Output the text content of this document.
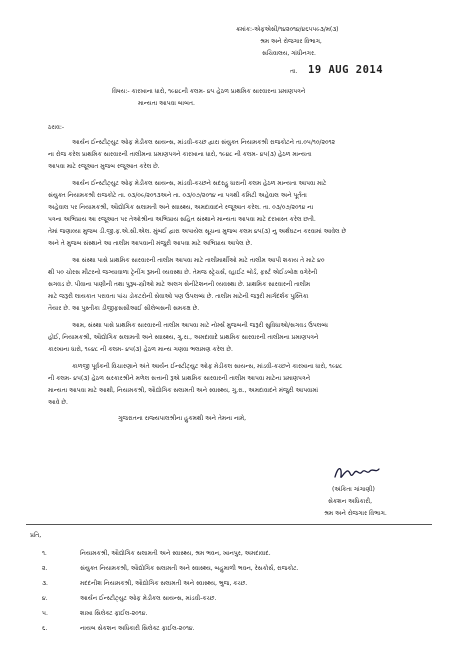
ક્રમાંક:-એફએસી/૧૪૨૦૧૪/૪૬૫૫૯૩/મ(૩)
શ્રમ અને રોજગાર વિભાગ,
સચિવાલય, ગાંધીનગર.
તા. 19 AUG 2014
વિષય:- કારખાના ધારો, ૧૯૪૮ની કલમ- ૪૫ હેઠળ પ્રાથમિક સારવારના પ્રમાણપત્રને
માન્યતા આપવા બાબત.
ઠરાવ:-
આર્યન ઈન્સ્ટીટ્યુટ ઓફ મેડીકલ સાયન્સ, માંડવી-કચ્છ દ્વારા સંયુક્ત નિયામકશ્રી રાજકોટને તા.૦૫/૧૦/૨૦૧૨
ના રોજ કરેલ પ્રાથમિક સારવારની તાલીમના પ્રમાણપત્રને કારખાના ધારો, ૧૯૪૮ ની કલમ- ૪૫(૩) હેઠળ માન્યતા
આપવા માટે રજૂઆત મુજબ રજૂઆત કરેલ છે.
આર્યન ઈન્સ્ટીટ્યુટ ઓફ મેડીકલ સાયન્સ, માંડવી-કચ્છને સદરહુ ધારાની કલમ હેઠળ માન્યતા આપવા માટે
સંયુક્ત નિયામકશ્રી રાજકોટે તા. ૦૩/૦૯/૨૦૧૩અને તા. ૦૩/૦૭/૨૦૧૪ ના પત્રથી કમિટી અહેવાલ અને પૂર્તતા
અહેવાલ પર નિયામકશ્રી, ઔદ્યોગિક સલામતી અને સ્વાસ્થ્ય, અમદાવાદને રજૂઆત કરેલ. તા. ૦૩/૦૭/૨૦૧૪ ના
પત્રના અભિપ્રાય આ રજૂઆત પર તેઓશ્રીના અભિપ્રાય સહિત સંસ્થાને માન્યતા આપવા માટે દરખાસ્ત કરેલ છતી.
તેમાં જણાવ્યા મુજબ ડી.જી.ફ.એ.સી.એલ. મુંબઈ દ્વારા અપાયેલ સૂચના મુજબ કલમ ૪૫(૩) નુ અર્થઘટન કરવામાં આવેલ છે
અને તે મુજબ સંસ્થાને આ તાલીમ આપવાની મંજુરી આપવા માટે અભિપ્રાય આપેલ છે.
આ સંસ્થા પાસે પ્રાથમિક સારવારની તાલીમ આપવા માટે તાલીમાર્થીઓ માટે તાલીમ આપી શકાય તે માટે ૪૦
થી ૫૦ ચોરસ મીટરનો જગ્યાવાળા ટ્રેનીંગ રૂમની વ્યવસ્થા છે. તેમજ સ્ટ્રેચર્સ, વ્હાઈટ બોર્ડ, ફર્સ્ટ એઈડબોક્ષ વગેરેની
સગવડ છે. પીવાના પાણીની તથા પુરૂષ-સ્ત્રીઓ માટે અલગ સેનીટેશનની વ્યવસ્થા છે. પ્રાથમિક સારવારની તાલીમ
માટે જરૂરી લાયકાત પરાવતા પાંચ ડોકટરોની સેવાઓ પણ ઉપલબ્ધ છે. તાલીમ માટેની જરૂરી માર્ગદર્શક પુસ્તિકા
તૈયાર છે. આ પુસ્તીકા ડીજીફસસીઆઈ સીલેબસની સમકક્ષ છે.
આમ, સંસ્થા પાસે પ્રાથમિક સારવારની તાલીમ આપવા માટે નોર્મ્સ મુજબની જરૂરી સુવિધાઓ/સગવડ ઉપલબ્ધ
હોઈ, નિયામકશ્રી, ઔદ્યોગિક સલામતી અને સ્વાસ્થ્ય, ગુ.રા., અમદાવાદે પ્રાથમિક સારવારની તાલીમના પ્રમાણપત્રને
કારખાના ધારો, ૧૯૪૮ ની કલમ- ૪૫(૩) હેઠળ માન્ય ગણવા ભલામણ કરેલ છે.
કાળજી પૂર્વકની વિચારણાને અંતે આર્યન ઈન્સ્ટીટ્યુટ ઓફ મેડીકલ સાયન્સ, માંડવી-કચ્છને કારખાના ધારો, ૧૯૪૮
ની કલમ- ૪૫(૩) હેઠળ સરકારશ્રીને મળેલ સત્તાની રૂએ પ્રાથમિક સારવારની તાલીમ આપવા માટેના પ્રમાણપત્રને
માન્યતા આપવા માટે આથી, નિયામકશ્રી, ઔદ્યોગિક સલામતી અને સ્વાસ્થ્ય, ગુ.રા., અમદાવાદને મંજુરી આપવામાં
આવે છે.
ગુજરાતના રાજ્યપાલશ્રીના હુકમથી અને તેમના નામે,
(અંકિતા ગાંગાણી)
સેકશન અધિકારી,
શ્રમ અને રોજગાર વિભાગ.
પ્રતિ,
૧.	નિયામકશ્રી, ઔદ્યોગિક સલામતી અને સ્વાસ્થ્ય, શ્રમ ભવન, ખાનપુર, અમદાવાદ.
૨.	સંયુક્ત નિયામકશ્રી, ઔદ્યોગિક સલામતી અને સ્વાસ્થ્ય, બહુમાળી ભવન, રેસકોર્સ, રાજકોટ.
૩.	મદદનીશ નિયામકશ્રી, ઔદ્યોગિક સલામતી અને સ્વાસ્થ્ય, ભુજ, કચ્છ.
૪.	આર્યન ઈન્સ્ટીટ્યુટ ઓફ મેડીકલ સાયન્સ, માંડવી-કચ્છ.
૫.	શાખા સિલેક્ટ ફાઈલ-૨૦૧૪.
૬.	નાયબ સેકશન અધિકારી સિલેક્ટ ફાઈલ-૨૦૧૪.
